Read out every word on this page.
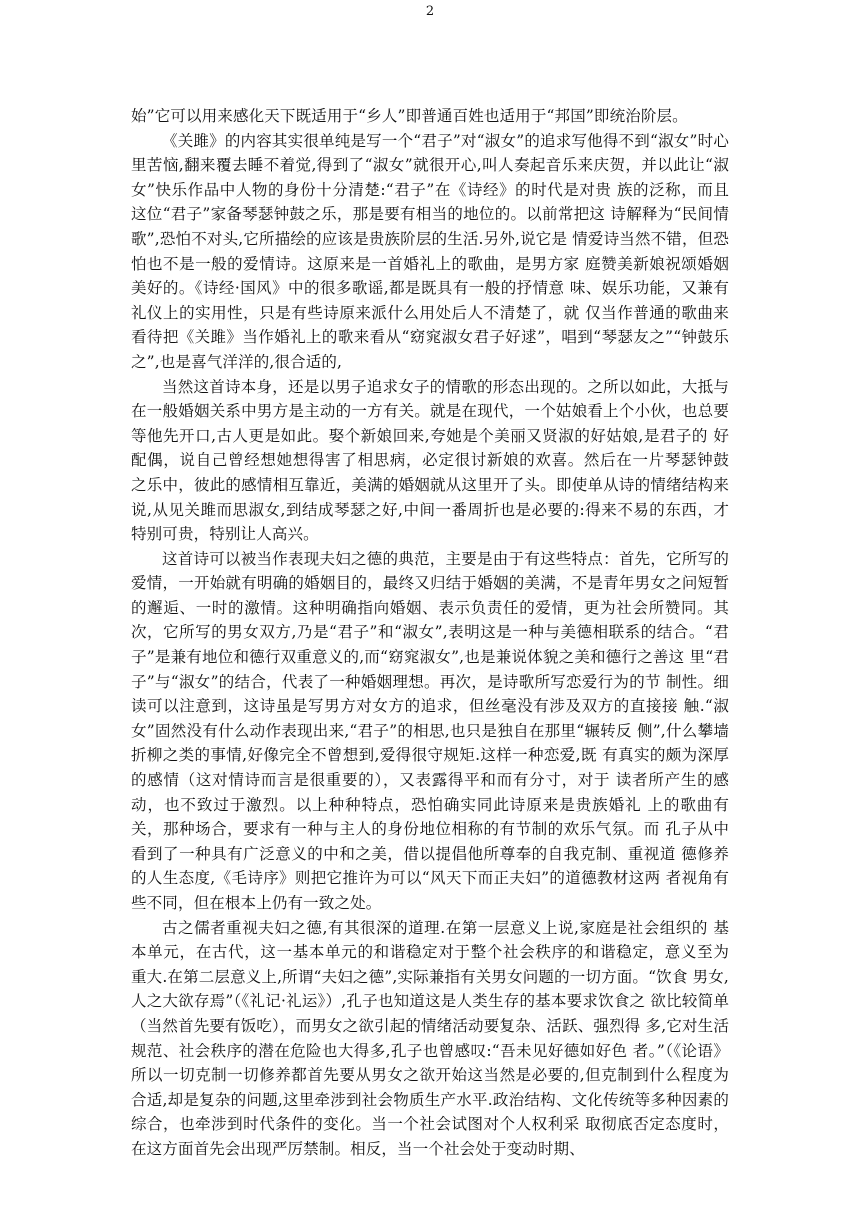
2

始”它可以用来感化天下既适用于“乡人”即普通百姓也适用于“邦国”即统治阶层。

《关雎》的内容其实很单纯是写一个“君子”对“淑女”的追求写他得不到“淑女”时心里苦恼,翻来覆去睡不着觉,得到了“淑女”就很开心,叫人奏起音乐来庆贺，并以此让“淑女”快乐作品中人物的身份十分清楚:“君子”在《诗经》的时代是对贵 族的泛称，而且这位“君子”家备琴瑟钟鼓之乐，那是要有相当的地位的。以前常把这 诗解释为“民间情歌”,恐怕不对头,它所描绘的应该是贵族阶层的生活.另外,说它是 情爱诗当然不错，但恐怕也不是一般的爱情诗。这原来是一首婚礼上的歌曲，是男方家 庭赞美新娘祝颂婚姻美好的。《诗经·国风》中的很多歌谣,都是既具有一般的抒情意 味、娱乐功能，又兼有礼仪上的实用性，只是有些诗原来派什么用处后人不清楚了，就 仅当作普通的歌曲来看待把《关雎》当作婚礼上的歌来看从“窈窕淑女君子好逑”，唱到“琴瑟友之”“钟鼓乐之”,也是喜气洋洋的,很合适的,

当然这首诗本身，还是以男子追求女子的情歌的形态出现的。之所以如此，大抵与在一般婚姻关系中男方是主动的一方有关。就是在现代，一个姑娘看上个小伙，也总要等他先开口,古人更是如此。娶个新娘回来,夸她是个美丽又贤淑的好姑娘,是君子的 好配偶，说自己曾经想她想得害了相思病，必定很讨新娘的欢喜。然后在一片琴瑟钟鼓 之乐中，彼此的感情相互靠近，美满的婚姻就从这里开了头。即使单从诗的情绪结构来 说,从见关雎而思淑女,到结成琴瑟之好,中间一番周折也是必要的:得来不易的东西，才特别可贵，特别让人高兴。

这首诗可以被当作表现夫妇之德的典范，主要是由于有这些特点：首先，它所写的爱情，一开始就有明确的婚姻目的，最终又归结于婚姻的美满，不是青年男女之问短暂的邂逅、一时的激情。这种明确指向婚姻、表示负责任的爱情，更为社会所赞同。其次，它所写的男女双方,乃是“君子”和“淑女”,表明这是一种与美德相联系的结合。“君 子”是兼有地位和德行双重意义的,而“窈窕淑女”,也是兼说体貌之美和德行之善这 里“君子”与“淑女”的结合，代表了一种婚姻理想。再次，是诗歌所写恋爱行为的节 制性。细读可以注意到，这诗虽是写男方对女方的追求，但丝毫没有涉及双方的直接接 触.“淑女”固然没有什么动作表现出来,“君子”的相思,也只是独自在那里“辗转反 侧”,什么攀墙折柳之类的事情,好像完全不曾想到,爱得很守规矩.这样一种恋爱,既 有真实的颇为深厚的感情（这对情诗而言是很重要的），又表露得平和而有分寸，对于 读者所产生的感动，也不致过于激烈。以上种种特点，恐怕确实同此诗原来是贵族婚礼 上的歌曲有关，那种场合，要求有一种与主人的身份地位相称的有节制的欢乐气氛。而 孔子从中看到了一种具有广泛意义的中和之美，借以提倡他所尊奉的自我克制、重视道 德修养的人生态度,《毛诗序》则把它推许为可以“风天下而正夫妇”的道德教材这两 者视角有些不同，但在根本上仍有一致之处。

古之儒者重视夫妇之德,有其很深的道理.在第一层意义上说,家庭是社会组织的 基本单元，在古代，这一基本单元的和谐稳定对于整个社会秩序的和谐稳定，意义至为 重大.在第二层意义上,所谓“夫妇之德”,实际兼指有关男女问题的一切方面。“饮食 男女,人之大欲存焉”（《礼记·礼运》）,孔子也知道这是人类生存的基本要求饮食之 欲比较简单（当然首先要有饭吃），而男女之欲引起的情绪活动要复杂、活跃、强烈得 多,它对生活规范、社会秩序的潜在危险也大得多,孔子也曾感叹:“吾未见好德如好色 者。”（《论语》所以一切克制一切修养都首先要从男女之欲开始这当然是必要的,但克制到什么程度为合适,却是复杂的问题,这里牵涉到社会物质生产水平.政治结构、文化传统等多种因素的综合，也牵涉到时代条件的变化。当一个社会试图对个人权利采 取彻底否定态度时，在这方面首先会出现严厉禁制。相反，当一个社会处于变动时期、
